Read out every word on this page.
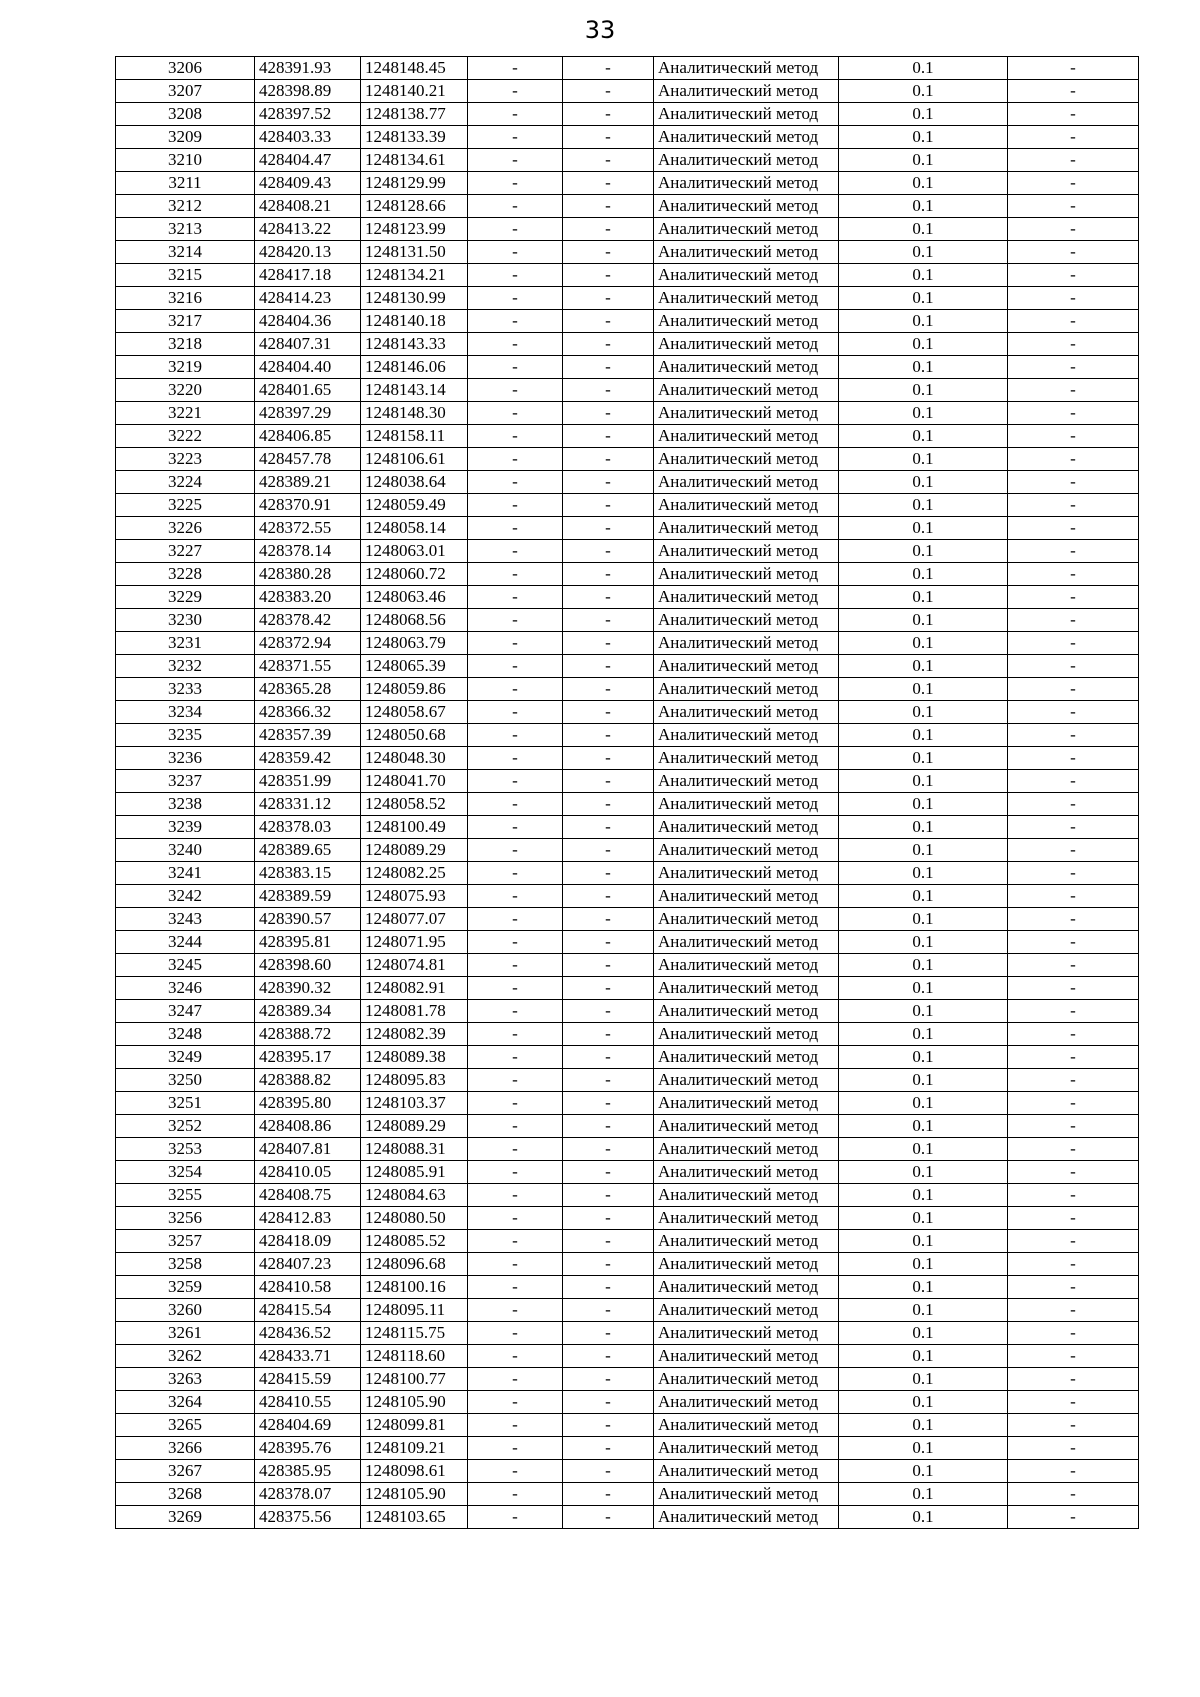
33
3206	428391.93	1248148.45	-	-	Аналитический метод	0.1	-
3207	428398.89	1248140.21	-	-	Аналитический метод	0.1	-
3208	428397.52	1248138.77	-	-	Аналитический метод	0.1	-
3209	428403.33	1248133.39	-	-	Аналитический метод	0.1	-
3210	428404.47	1248134.61	-	-	Аналитический метод	0.1	-
3211	428409.43	1248129.99	-	-	Аналитический метод	0.1	-
3212	428408.21	1248128.66	-	-	Аналитический метод	0.1	-
3213	428413.22	1248123.99	-	-	Аналитический метод	0.1	-
3214	428420.13	1248131.50	-	-	Аналитический метод	0.1	-
3215	428417.18	1248134.21	-	-	Аналитический метод	0.1	-
3216	428414.23	1248130.99	-	-	Аналитический метод	0.1	-
3217	428404.36	1248140.18	-	-	Аналитический метод	0.1	-
3218	428407.31	1248143.33	-	-	Аналитический метод	0.1	-
3219	428404.40	1248146.06	-	-	Аналитический метод	0.1	-
3220	428401.65	1248143.14	-	-	Аналитический метод	0.1	-
3221	428397.29	1248148.30	-	-	Аналитический метод	0.1	-
3222	428406.85	1248158.11	-	-	Аналитический метод	0.1	-
3223	428457.78	1248106.61	-	-	Аналитический метод	0.1	-
3224	428389.21	1248038.64	-	-	Аналитический метод	0.1	-
3225	428370.91	1248059.49	-	-	Аналитический метод	0.1	-
3226	428372.55	1248058.14	-	-	Аналитический метод	0.1	-
3227	428378.14	1248063.01	-	-	Аналитический метод	0.1	-
3228	428380.28	1248060.72	-	-	Аналитический метод	0.1	-
3229	428383.20	1248063.46	-	-	Аналитический метод	0.1	-
3230	428378.42	1248068.56	-	-	Аналитический метод	0.1	-
3231	428372.94	1248063.79	-	-	Аналитический метод	0.1	-
3232	428371.55	1248065.39	-	-	Аналитический метод	0.1	-
3233	428365.28	1248059.86	-	-	Аналитический метод	0.1	-
3234	428366.32	1248058.67	-	-	Аналитический метод	0.1	-
3235	428357.39	1248050.68	-	-	Аналитический метод	0.1	-
3236	428359.42	1248048.30	-	-	Аналитический метод	0.1	-
3237	428351.99	1248041.70	-	-	Аналитический метод	0.1	-
3238	428331.12	1248058.52	-	-	Аналитический метод	0.1	-
3239	428378.03	1248100.49	-	-	Аналитический метод	0.1	-
3240	428389.65	1248089.29	-	-	Аналитический метод	0.1	-
3241	428383.15	1248082.25	-	-	Аналитический метод	0.1	-
3242	428389.59	1248075.93	-	-	Аналитический метод	0.1	-
3243	428390.57	1248077.07	-	-	Аналитический метод	0.1	-
3244	428395.81	1248071.95	-	-	Аналитический метод	0.1	-
3245	428398.60	1248074.81	-	-	Аналитический метод	0.1	-
3246	428390.32	1248082.91	-	-	Аналитический метод	0.1	-
3247	428389.34	1248081.78	-	-	Аналитический метод	0.1	-
3248	428388.72	1248082.39	-	-	Аналитический метод	0.1	-
3249	428395.17	1248089.38	-	-	Аналитический метод	0.1	-
3250	428388.82	1248095.83	-	-	Аналитический метод	0.1	-
3251	428395.80	1248103.37	-	-	Аналитический метод	0.1	-
3252	428408.86	1248089.29	-	-	Аналитический метод	0.1	-
3253	428407.81	1248088.31	-	-	Аналитический метод	0.1	-
3254	428410.05	1248085.91	-	-	Аналитический метод	0.1	-
3255	428408.75	1248084.63	-	-	Аналитический метод	0.1	-
3256	428412.83	1248080.50	-	-	Аналитический метод	0.1	-
3257	428418.09	1248085.52	-	-	Аналитический метод	0.1	-
3258	428407.23	1248096.68	-	-	Аналитический метод	0.1	-
3259	428410.58	1248100.16	-	-	Аналитический метод	0.1	-
3260	428415.54	1248095.11	-	-	Аналитический метод	0.1	-
3261	428436.52	1248115.75	-	-	Аналитический метод	0.1	-
3262	428433.71	1248118.60	-	-	Аналитический метод	0.1	-
3263	428415.59	1248100.77	-	-	Аналитический метод	0.1	-
3264	428410.55	1248105.90	-	-	Аналитический метод	0.1	-
3265	428404.69	1248099.81	-	-	Аналитический метод	0.1	-
3266	428395.76	1248109.21	-	-	Аналитический метод	0.1	-
3267	428385.95	1248098.61	-	-	Аналитический метод	0.1	-
3268	428378.07	1248105.90	-	-	Аналитический метод	0.1	-
3269	428375.56	1248103.65	-	-	Аналитический метод	0.1	-
